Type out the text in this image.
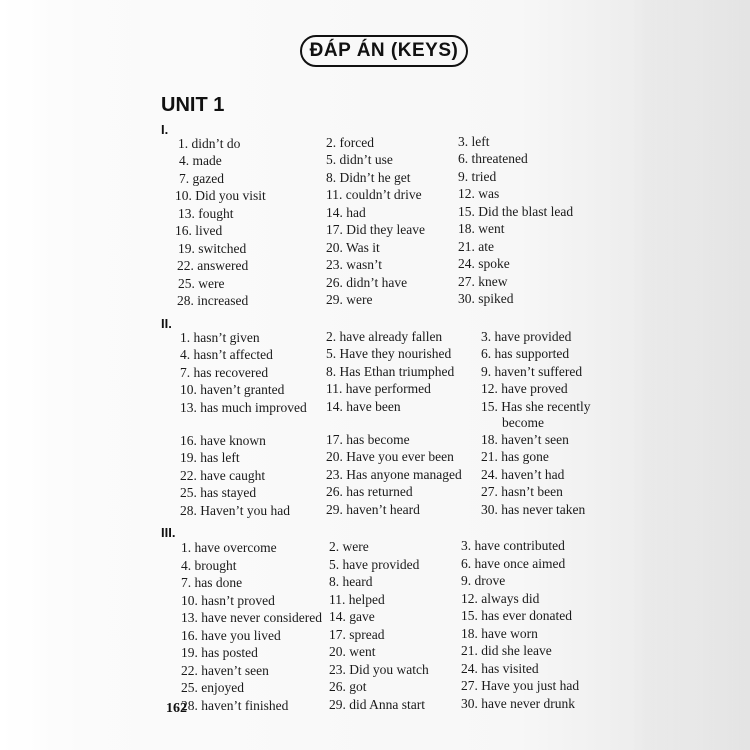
ĐÁP ÁN (KEYS)
UNIT 1
I.
1. didn’t do	2. forced	3. left
4. made	5. didn’t use	6. threatened
7. gazed	8. Didn’t he get	9. tried
10. Did you visit	11. couldn’t drive	12. was
13. fought	14. had	15. Did the blast lead
16. lived	17. Did they leave 18. went
19. switched	20. Was it	21. ate
22. answered	23. wasn’t	24. spoke
25. were	26. didn’t have	27. knew
28. increased	29. were	30. spiked
II.
1. hasn’t given	2. have already fallen	3. have provided
4. hasn’t affected	5. Have they nourished 6. has supported
7. has recovered	8. Has Ethan triumphed 9. haven’t suffered
10. haven’t granted	11. have performed	12. have proved
13. has much improved 14. have been	15. Has she recently
become
16. have known	17. has become	18. haven’t seen
19. has left	20. Have you ever been 21. has gone
22. have caught	23. Has anyone managed 24. haven’t had
25. has stayed	26. has returned	27. hasn’t been
28. Haven’t you had	29. haven’t heard	30. has never taken
III.
1. have overcome	2. were	3. have contributed
4. brought	5. have provided	6. have once aimed
7. has done	8. heard	9. drove
10. hasn’t proved	11. helped	12. always did
13. have never considered 14. gave	15. has ever donated
16. have you lived	17. spread	18. have worn
19. has posted	20. went	21. did she leave
22. haven’t seen	23. Did you watch 24. has visited
25. enjoyed	26. got	27. Have you just had
28. haven’t finished	29. did Anna start	30. have never drunk
162
